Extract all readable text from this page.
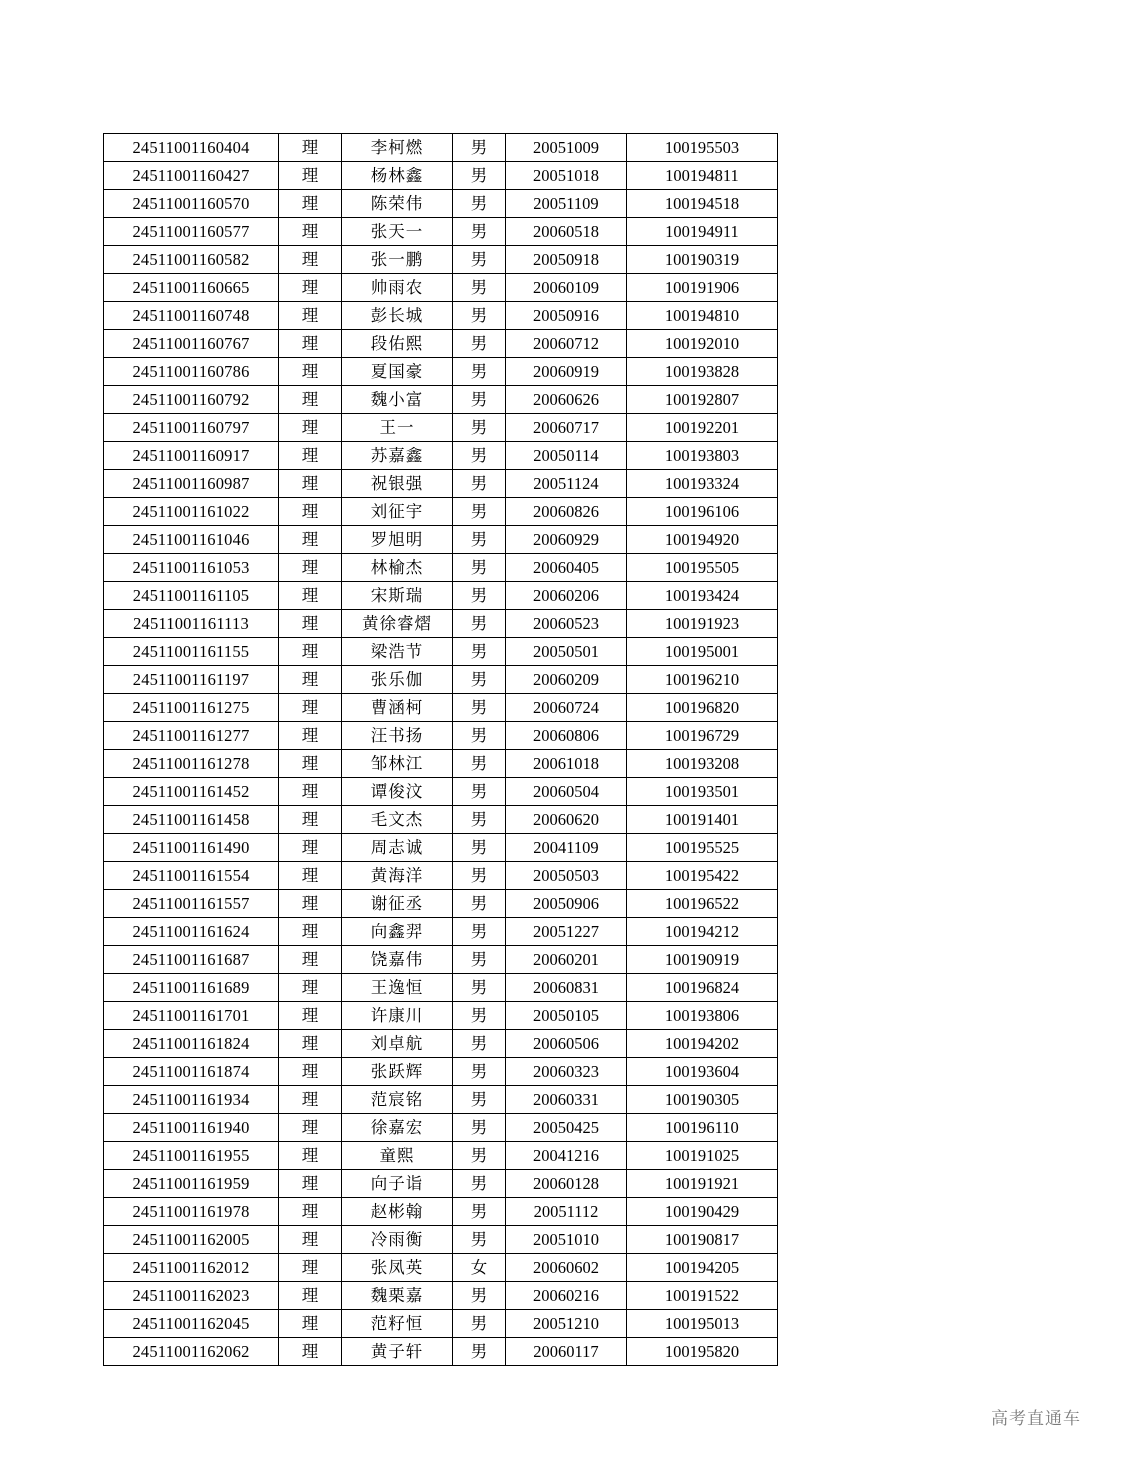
24511001160404	理	李柯燃	男	20051009	100195503
24511001160427	理	杨林鑫	男	20051018	100194811
24511001160570	理	陈荣伟	男	20051109	100194518
24511001160577	理	张天一	男	20060518	100194911
24511001160582	理	张一鹏	男	20050918	100190319
24511001160665	理	帅雨农	男	20060109	100191906
24511001160748	理	彭长城	男	20050916	100194810
24511001160767	理	段佑熙	男	20060712	100192010
24511001160786	理	夏国豪	男	20060919	100193828
24511001160792	理	魏小富	男	20060626	100192807
24511001160797	理	王一	男	20060717	100192201
24511001160917	理	苏嘉鑫	男	20050114	100193803
24511001160987	理	祝银强	男	20051124	100193324
24511001161022	理	刘征宇	男	20060826	100196106
24511001161046	理	罗旭明	男	20060929	100194920
24511001161053	理	林榆杰	男	20060405	100195505
24511001161105	理	宋斯瑞	男	20060206	100193424
24511001161113	理	黄徐睿熠	男	20060523	100191923
24511001161155	理	梁浩节	男	20050501	100195001
24511001161197	理	张乐伽	男	20060209	100196210
24511001161275	理	曹涵柯	男	20060724	100196820
24511001161277	理	汪书扬	男	20060806	100196729
24511001161278	理	邹林江	男	20061018	100193208
24511001161452	理	谭俊汶	男	20060504	100193501
24511001161458	理	毛文杰	男	20060620	100191401
24511001161490	理	周志诚	男	20041109	100195525
24511001161554	理	黄海洋	男	20050503	100195422
24511001161557	理	谢征丞	男	20050906	100196522
24511001161624	理	向鑫羿	男	20051227	100194212
24511001161687	理	饶嘉伟	男	20060201	100190919
24511001161689	理	王逸恒	男	20060831	100196824
24511001161701	理	许康川	男	20050105	100193806
24511001161824	理	刘卓航	男	20060506	100194202
24511001161874	理	张跃辉	男	20060323	100193604
24511001161934	理	范宸铭	男	20060331	100190305
24511001161940	理	徐嘉宏	男	20050425	100196110
24511001161955	理	童熙	男	20041216	100191025
24511001161959	理	向子诣	男	20060128	100191921
24511001161978	理	赵彬翰	男	20051112	100190429
24511001162005	理	冷雨衡	男	20051010	100190817
24511001162012	理	张凤英	女	20060602	100194205
24511001162023	理	魏栗嘉	男	20060216	100191522
24511001162045	理	范籽恒	男	20051210	100195013
24511001162062	理	黄子轩	男	20060117	100195820
高考直通车
